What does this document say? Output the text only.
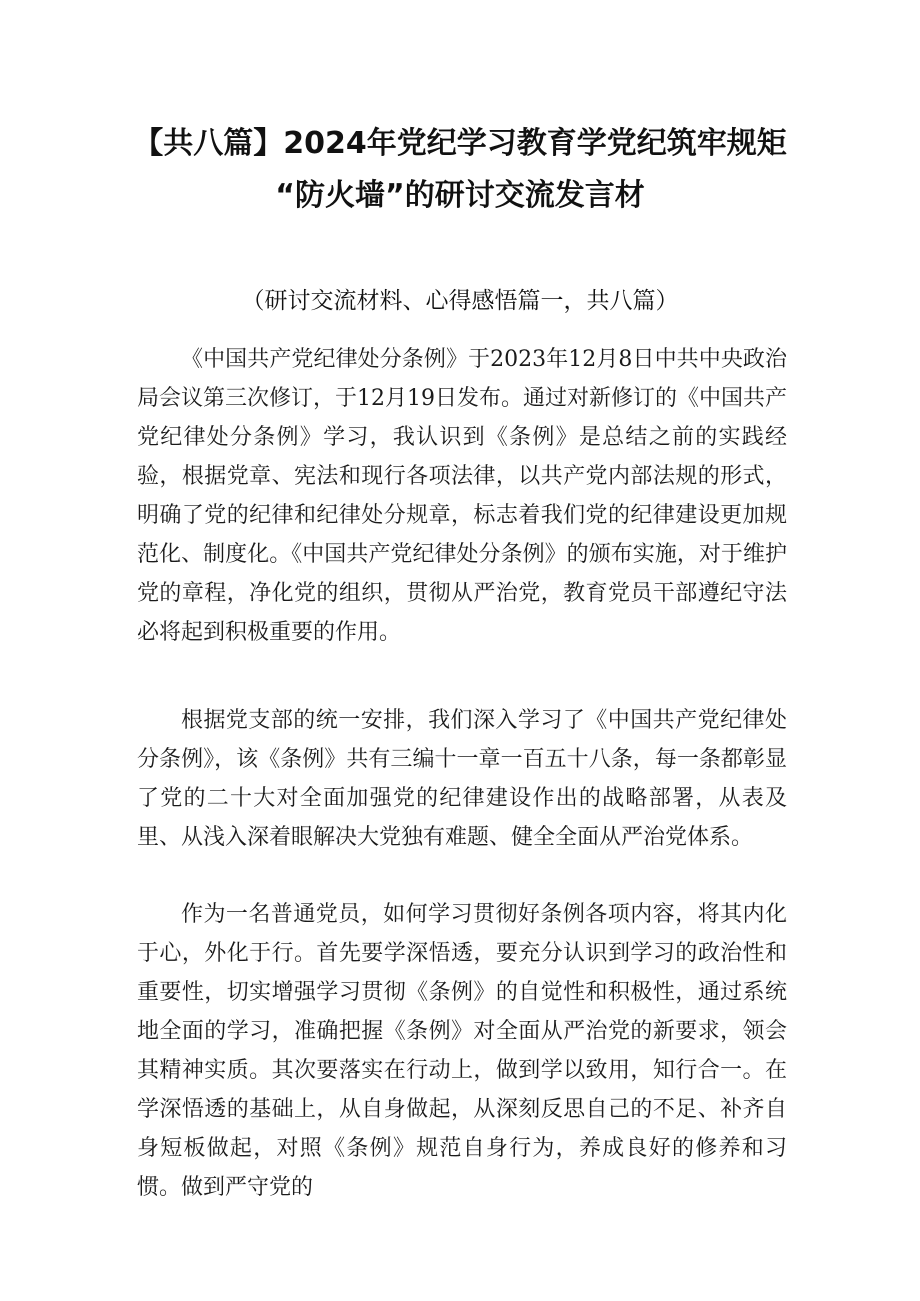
【共八篇】2024年党纪学习教育学党纪筑牢规矩
“防火墙”的研讨交流发言材
（研讨交流材料、心得感悟篇一，共八篇）

《中国共产党纪律处分条例》于2023年12月8日中共中央政治局会议第三次修订，于12月19日发布。通过对新修订的《中国共产党纪律处分条例》学习，我认识到《条例》是总结之前的实践经验，根据党章、宪法和现行各项法律，以共产党内部法规的形式，明确了党的纪律和纪律处分规章，标志着我们党的纪律建设更加规范化、制度化。《中国共产党纪律处分条例》的颁布实施，对于维护党的章程，净化党的组织，贯彻从严治党，教育党员干部遵纪守法必将起到积极重要的作用。

根据党支部的统一安排，我们深入学习了《中国共产党纪律处分条例》，该《条例》共有三编十一章一百五十八条，每一条都彰显了党的二十大对全面加强党的纪律建设作出的战略部署，从表及里、从浅入深着眼解决大党独有难题、健全全面从严治党体系。

作为一名普通党员，如何学习贯彻好条例各项内容，将其内化于心，外化于行。首先要学深悟透，要充分认识到学习的政治性和重要性，切实增强学习贯彻《条例》的自觉性和积极性，通过系统地全面的学习，准确把握《条例》对全面从严治党的新要求，领会其精神实质。其次要落实在行动上，做到学以致用，知行合一。在学深悟透的基础上，从自身做起，从深刻反思自己的不足、补齐自身短板做起，对照《条例》规范自身行为，养成良好的修养和习惯。做到严守党的
